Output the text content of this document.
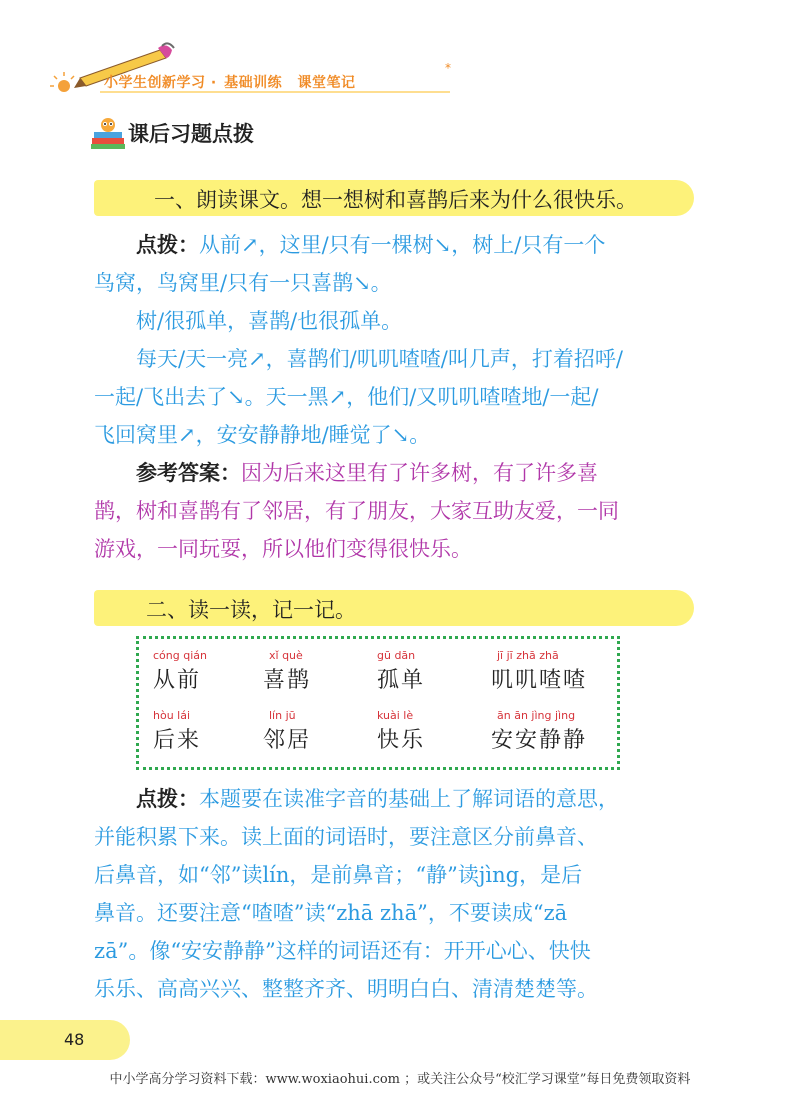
*
小学生创新学习 · 基础训练 课堂笔记
课后习题点拨
一、朗读课文。想一想树和喜鹊后来为什么很快乐。
点拨：从前↗，这里/只有一棵树↘，树上/只有一个
鸟窝，鸟窝里/只有一只喜鹊↘。
树/很孤单，喜鹊/也很孤单。
每天/天一亮↗，喜鹊们/叽叽喳喳/叫几声，打着招呼/
一起/飞出去了↘。天一黑↗，他们/又叽叽喳喳地/一起/
飞回窝里↗，安安静静地/睡觉了↘。
参考答案：因为后来这里有了许多树，有了许多喜
鹊，树和喜鹊有了邻居，有了朋友，大家互助友爱，一同
游戏，一同玩耍，所以他们变得很快乐。
二、读一读，记一记。
cóng qián
从前
xǐ què
喜鹊
gū dān
孤单
jī jī zhā zhā
叽叽喳喳
hòu lái
后来
lín jū
邻居
kuài lè
快乐
ān ān jìng jìng
安安静静
点拨：本题要在读准字音的基础上了解词语的意思，
并能积累下来。读上面的词语时，要注意区分前鼻音、
后鼻音，如“邻”读lín，是前鼻音；“静”读jìng，是后
鼻音。还要注意“喳喳”读“zhā zhā”，不要读成“zā
zā”。像“安安静静”这样的词语还有：开开心心、快快
乐乐、高高兴兴、整整齐齐、明明白白、清清楚楚等。
48
中小学高分学习资料下载：www.woxiaohui.com ；或关注公众号“校汇学习课堂”每日免费领取资料
